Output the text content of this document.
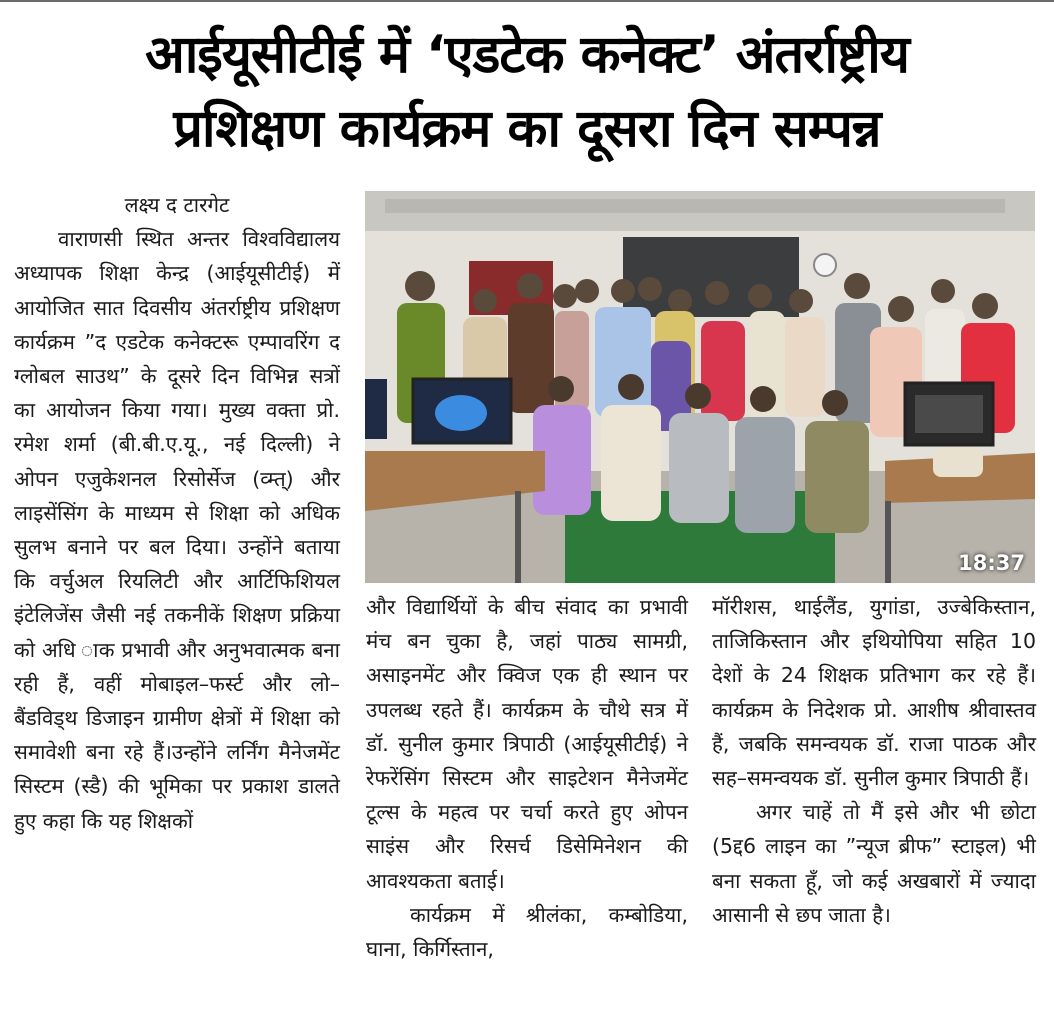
आईयूसीटीई में ‘एडटेक कनेक्ट’ अंतर्राष्ट्रीय
प्रशिक्षण कार्यक्रम का दूसरा दिन सम्पन्न

लक्ष्य द टारगेट

वाराणसी स्थित अन्तर विश्वविद्यालय अध्यापक शिक्षा केन्द्र (आईयूसीटीई) में आयोजित सात दिवसीय अंतर्राष्ट्रीय प्रशिक्षण कार्यक्रम ”द एडटेक कनेक्टरू एम्पावरिंग द ग्लोबल साउथ” के दूसरे दिन विभिन्न सत्रों का आयोजन किया गया। मुख्य वक्ता प्रो. रमेश शर्मा (बी.बी.ए.यू., नई दिल्ली) ने ओपन एजुकेशनल रिसोर्सेज (व्म्त्) और लाइसेंसिंग के माध्यम से शिक्षा को अधिक सुलभ बनाने पर बल दिया। उन्होंने बताया कि वर्चुअल रियलिटी और आर्टिफिशियल इंटेलिजेंस जैसी नई तकनीकें शिक्षण प्रक्रिया को अधि ाक प्रभावी और अनुभवात्मक बना रही हैं, वहीं मोबाइल–फर्स्ट और लो–बैंडविड्थ डिजाइन ग्रामीण क्षेत्रों में शिक्षा को समावेशी बना रहे हैं।उन्होंने लर्निंग मैनेजमेंट सिस्टम (स्डै) की भूमिका पर प्रकाश डालते हुए कहा कि यह शिक्षकों

18:37

और विद्यार्थियों के बीच संवाद का प्रभावी मंच बन चुका है, जहां पाठ्य सामग्री, असाइनमेंट और क्विज एक ही स्थान पर उपलब्ध रहते हैं। कार्यक्रम के चौथे सत्र में डॉ. सुनील कुमार त्रिपाठी (आईयूसीटीई) ने रेफरेंसिंग सिस्टम और साइटेशन मैनेजमेंट टूल्स के महत्व पर चर्चा करते हुए ओपन साइंस और रिसर्च डिसेमिनेशन की आवश्यकता बताई।

कार्यक्रम में श्रीलंका, कम्बोडिया, घाना, किर्गिस्तान,

मॉरीशस, थाईलैंड, युगांडा, उज्बेकिस्तान, ताजिकिस्तान और इथियोपिया सहित 10 देशों के 24 शिक्षक प्रतिभाग कर रहे हैं। कार्यक्रम के निदेशक प्रो. आशीष श्रीवास्तव हैं, जबकि समन्वयक डॉ. राजा पाठक और सह–समन्वयक डॉ. सुनील कुमार त्रिपाठी हैं।

अगर चाहें तो मैं इसे और भी छोटा (5द्द6 लाइन का ”न्यूज ब्रीफ” स्टाइल) भी बना सकता हूँ, जो कई अखबारों में ज्यादा आसानी से छप जाता है।
